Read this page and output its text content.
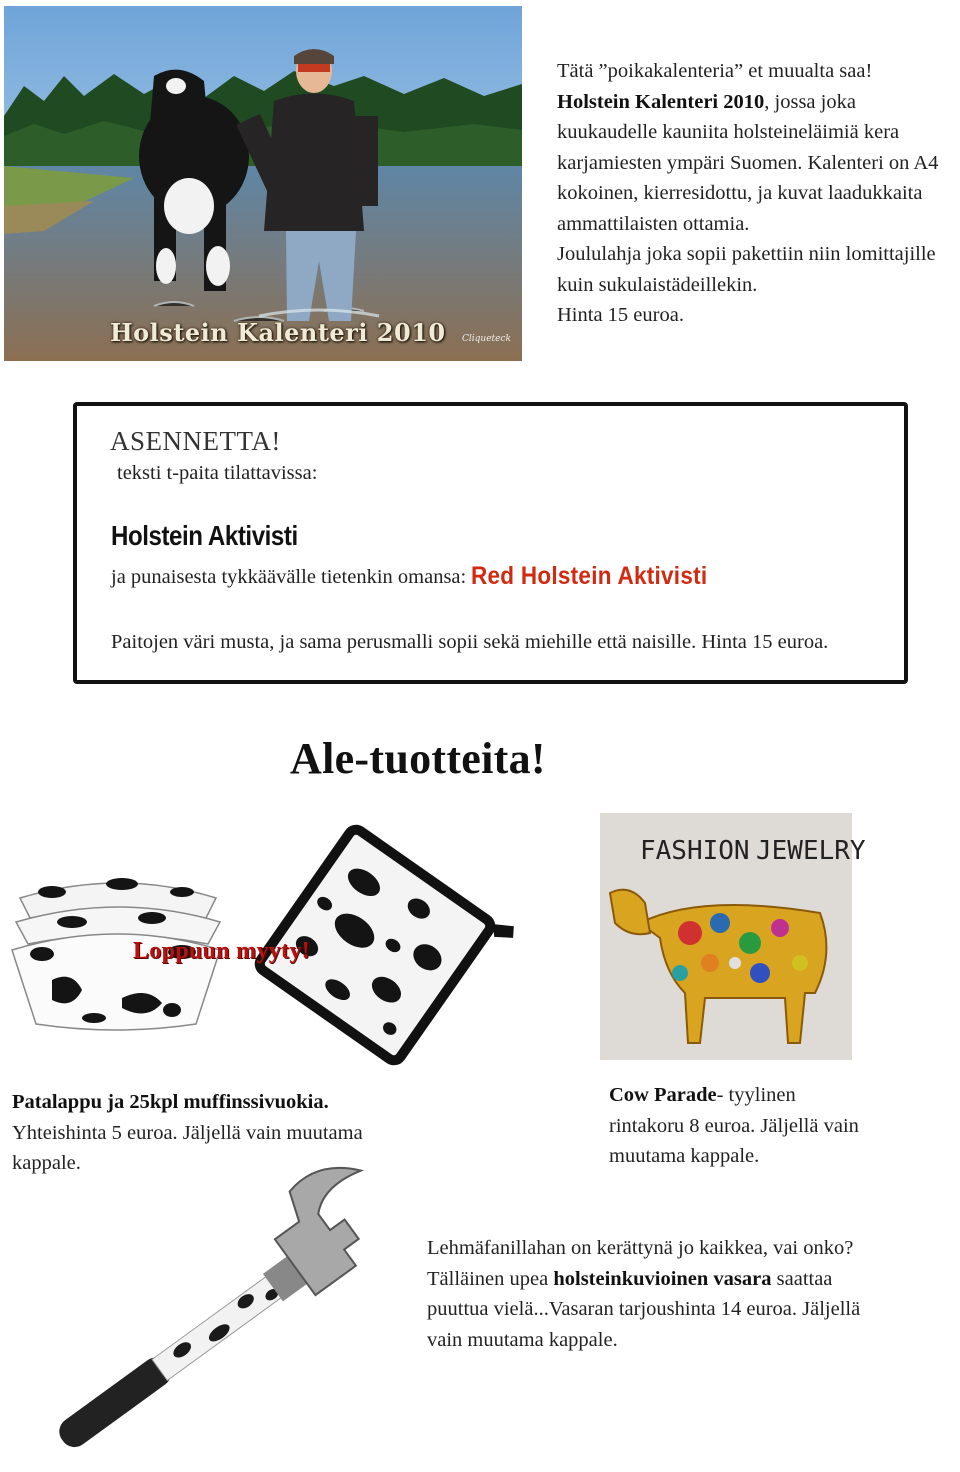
Holstein Kalenteri 2010 Cliqueteck

Tätä ”poikakalenteria” et muualta saa!

Holstein Kalenteri 2010, jossa joka kuukaudelle kauniita holsteineläimiä kera karjamiesten ympäri Suomen. Kalenteri on A4 kokoinen, kierresidottu, ja kuvat laadukkaita ammattilaisten ottamia.

Joululahja joka sopii pakettiin niin lomittajille kuin sukulaistädeillekin.

Hinta 15 euroa.

ASENNETTA!
teksti t-paita tilattavissa:
Holstein Aktivisti
ja punaisesta tykkäävälle tietenkin omansa: Red Holstein Aktivisti
Paitojen väri musta, ja sama perusmalli sopii sekä miehille että naisille. Hinta 15 euroa.
Ale-tuotteita!
Loppuun myyty!
FASHION JEWELRY

Patalappu ja 25kpl muffinssivuokia.

Yhteishinta 5 euroa. Jäljellä vain muutama kappale.

Cow Parade- tyylinen rintakoru 8 euroa. Jäljellä vain muutama kappale.

Lehmäfanillahan on kerättynä jo kaikkea, vai onko? Tälläinen upea holsteinkuvioinen vasara saattaa puuttua vielä...Vasaran tarjoushinta 14 euroa. Jäljellä vain muutama kappale.
